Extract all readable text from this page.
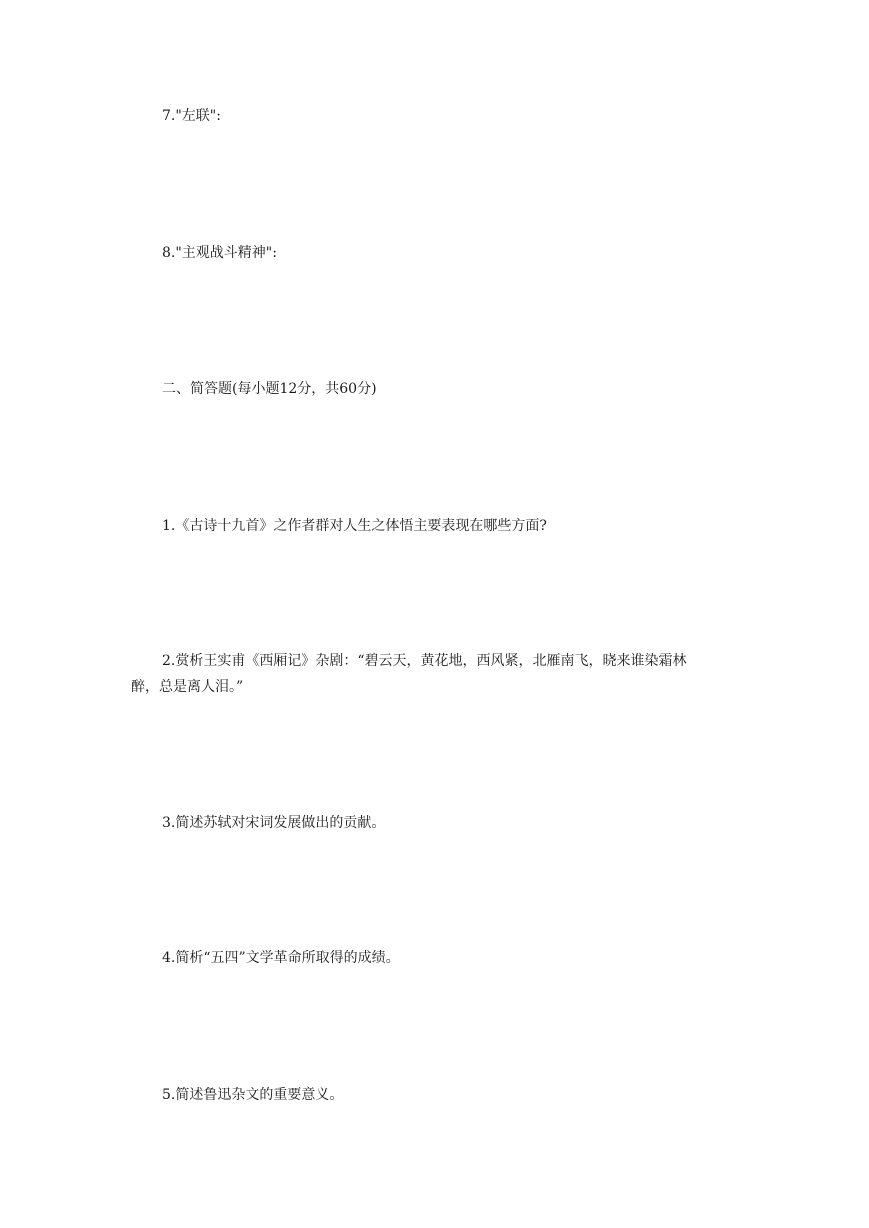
7."左联":

8."主观战斗精神":

二、简答题(每小题12分，共60分)

1.《古诗十九首》之作者群对人生之体悟主要表现在哪些方面?

2.赏析王实甫《西厢记》杂剧：“碧云天，黄花地，西风紧，北雁南飞，晓来谁染霜林

醉，总是离人泪。”

3.简述苏轼对宋词发展做出的贡献。

4.简析“五四”文学革命所取得的成绩。

5.简述鲁迅杂文的重要意义。
